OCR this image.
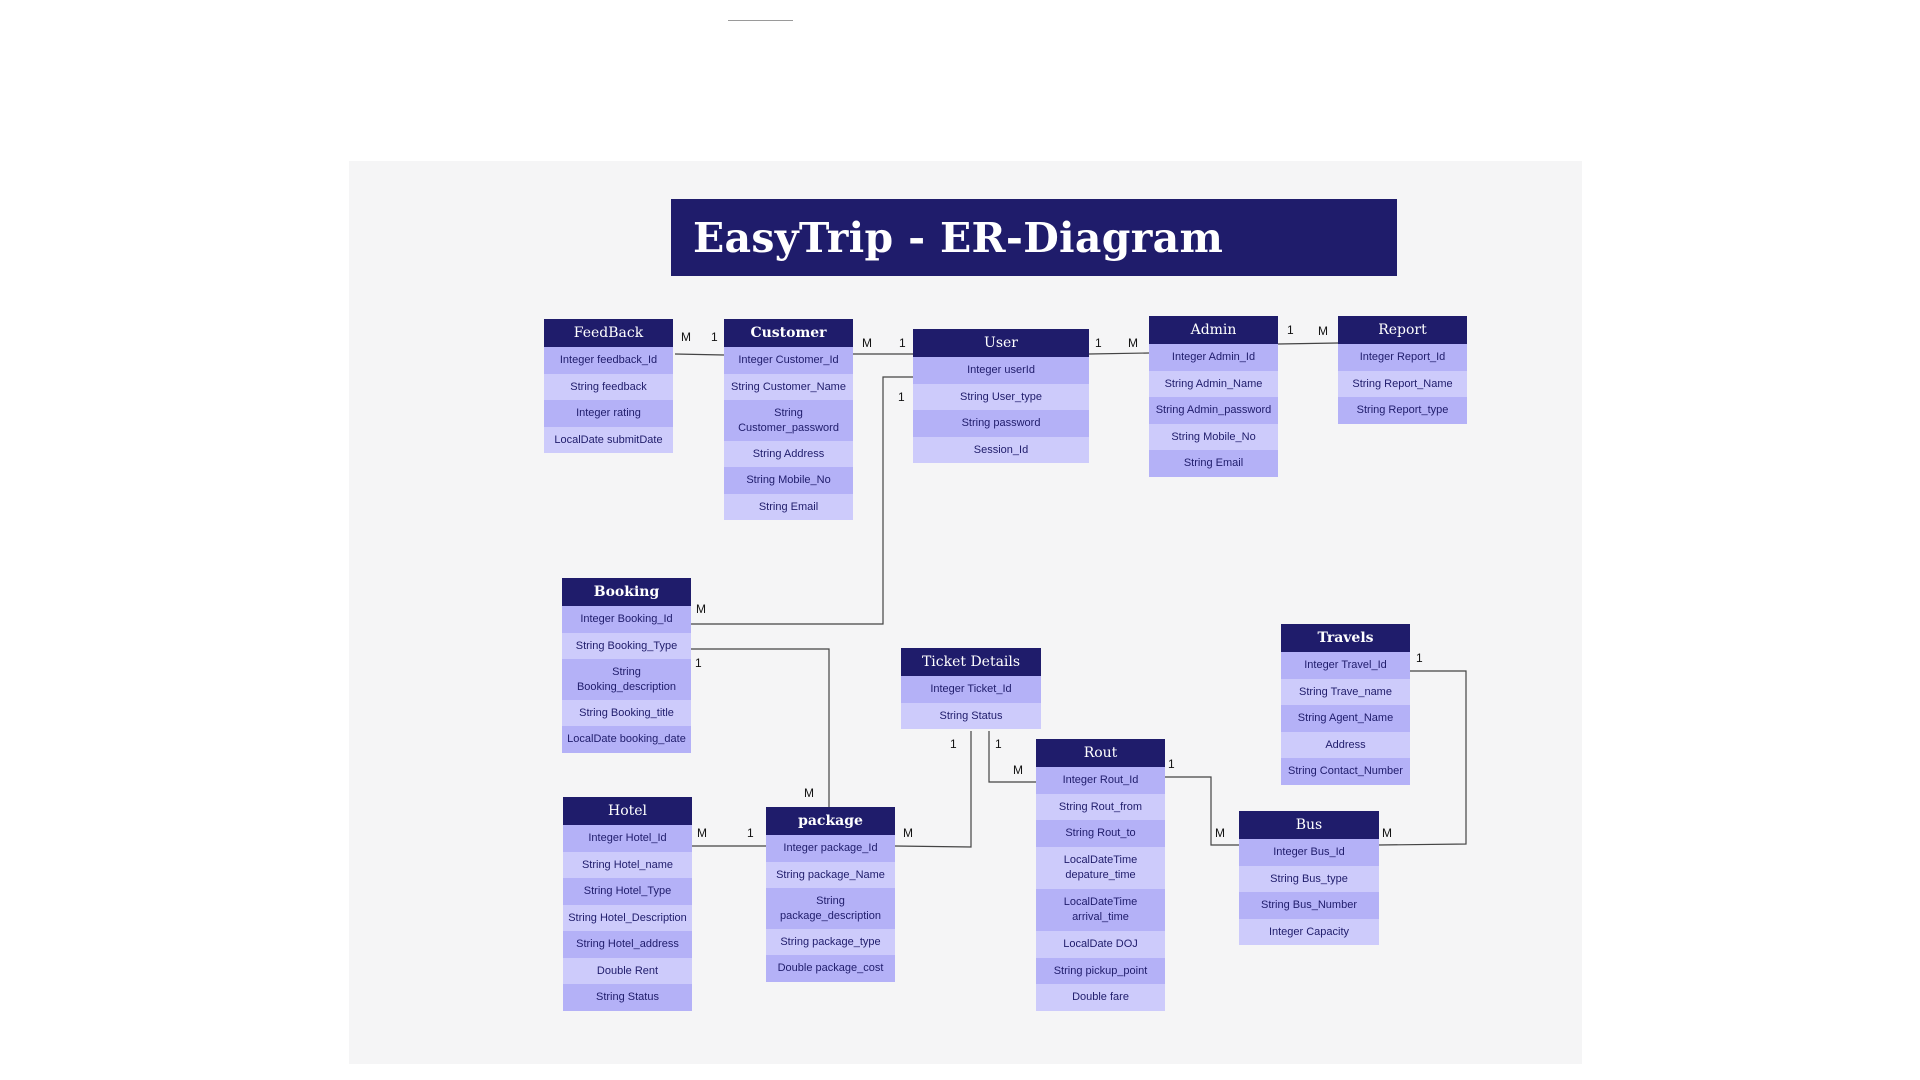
EasyTrip - ER-Diagram
FeedBack
Integer feedback_Id
String feedback
Integer rating
LocalDate submitDate
Customer
Integer Customer_Id
String Customer_Name
String Customer_password
String Address
String Mobile_No
String Email
User
Integer userId
String User_type
String password
Session_Id
Admin
Integer Admin_Id
String Admin_Name
String Admin_password
String Mobile_No
String Email
Report
Integer Report_Id
String Report_Name
String Report_type
Booking
Integer Booking_Id
String Booking_Type
String Booking_description
String Booking_title
LocalDate booking_date
Ticket Details
Integer Ticket_Id
String Status
Travels
Integer Travel_Id
String Trave_name
String Agent_Name
Address
String Contact_Number
Rout
Integer Rout_Id
String Rout_from
String Rout_to
LocalDateTime depature_time
LocalDateTime arrival_time
LocalDate DOJ
String pickup_point
Double fare
Hotel
Integer Hotel_Id
String Hotel_name
String Hotel_Type
String Hotel_Description
String Hotel_address
Double Rent
String Status
package
Integer package_Id
String package_Name
String package_description
String package_type
Double package_cost
Bus
Integer Bus_Id
String Bus_type
String Bus_Number
Integer Capacity
M 1	M 1	1 M
1 M
1
M
1
M
M	1	M
1	1
M	1
M
1
M
